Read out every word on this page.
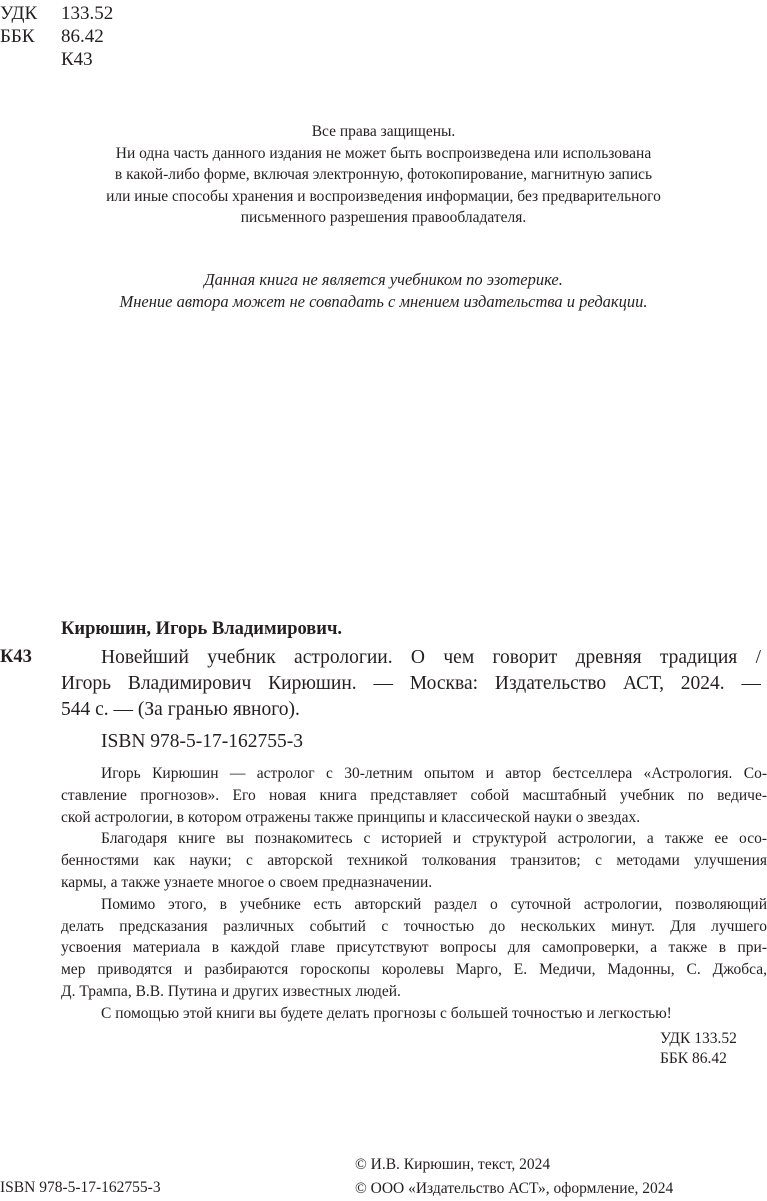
УДК 133.52
ББК 86.42
К43
Все права защищены.
Ни одна часть данного издания не может быть воспроизведена или использована
в какой-либо форме, включая электронную, фотокопирование, магнитную запись
или иные способы хранения и воспроизведения информации, без предварительного
письменного разрешения правообладателя.
Данная книга не является учебником по эзотерике.
Мнение автора может не совпадать с мнением издательства и редакции.
Кирюшин, Игорь Владимирович.
К43	Новейший учебник астрологии. О чем говорит древняя традиция /
Игорь Владимирович Кирюшин. — Москва: Издательство АСТ, 2024. —
544 с. — (За гранью явного).
ISBN 978-5-17-162755-3
Игорь Кирюшин — астролог с 30-летним опытом и автор бестселлера «Астрология. Со-
ставление прогнозов». Его новая книга представляет собой масштабный учебник по ведиче-
ской астрологии, в котором отражены также принципы и классической науки о звездах.
Благодаря книге вы познакомитесь с историей и структурой астрологии, а также ее осо-
бенностями как науки; с авторской техникой толкования транзитов; с методами улучшения
кармы, а также узнаете многое о своем предназначении.
Помимо этого, в учебнике есть авторский раздел о суточной астрологии, позволяющий
делать предсказания различных событий с точностью до нескольких минут. Для лучшего
усвоения материала в каждой главе присутствуют вопросы для самопроверки, а также в при-
мер приводятся и разбираются гороскопы королевы Марго, Е. Медичи, Мадонны, С. Джобса,
Д. Трампа, В.В. Путина и других известных людей.
С помощью этой книги вы будете делать прогнозы с большей точностью и легкостью!
УДК 133.52
ББК 86.42
ISBN 978-5-17-162755-3
© И.В. Кирюшин, текст, 2024
© ООО «Издательство АСТ», оформление, 2024
